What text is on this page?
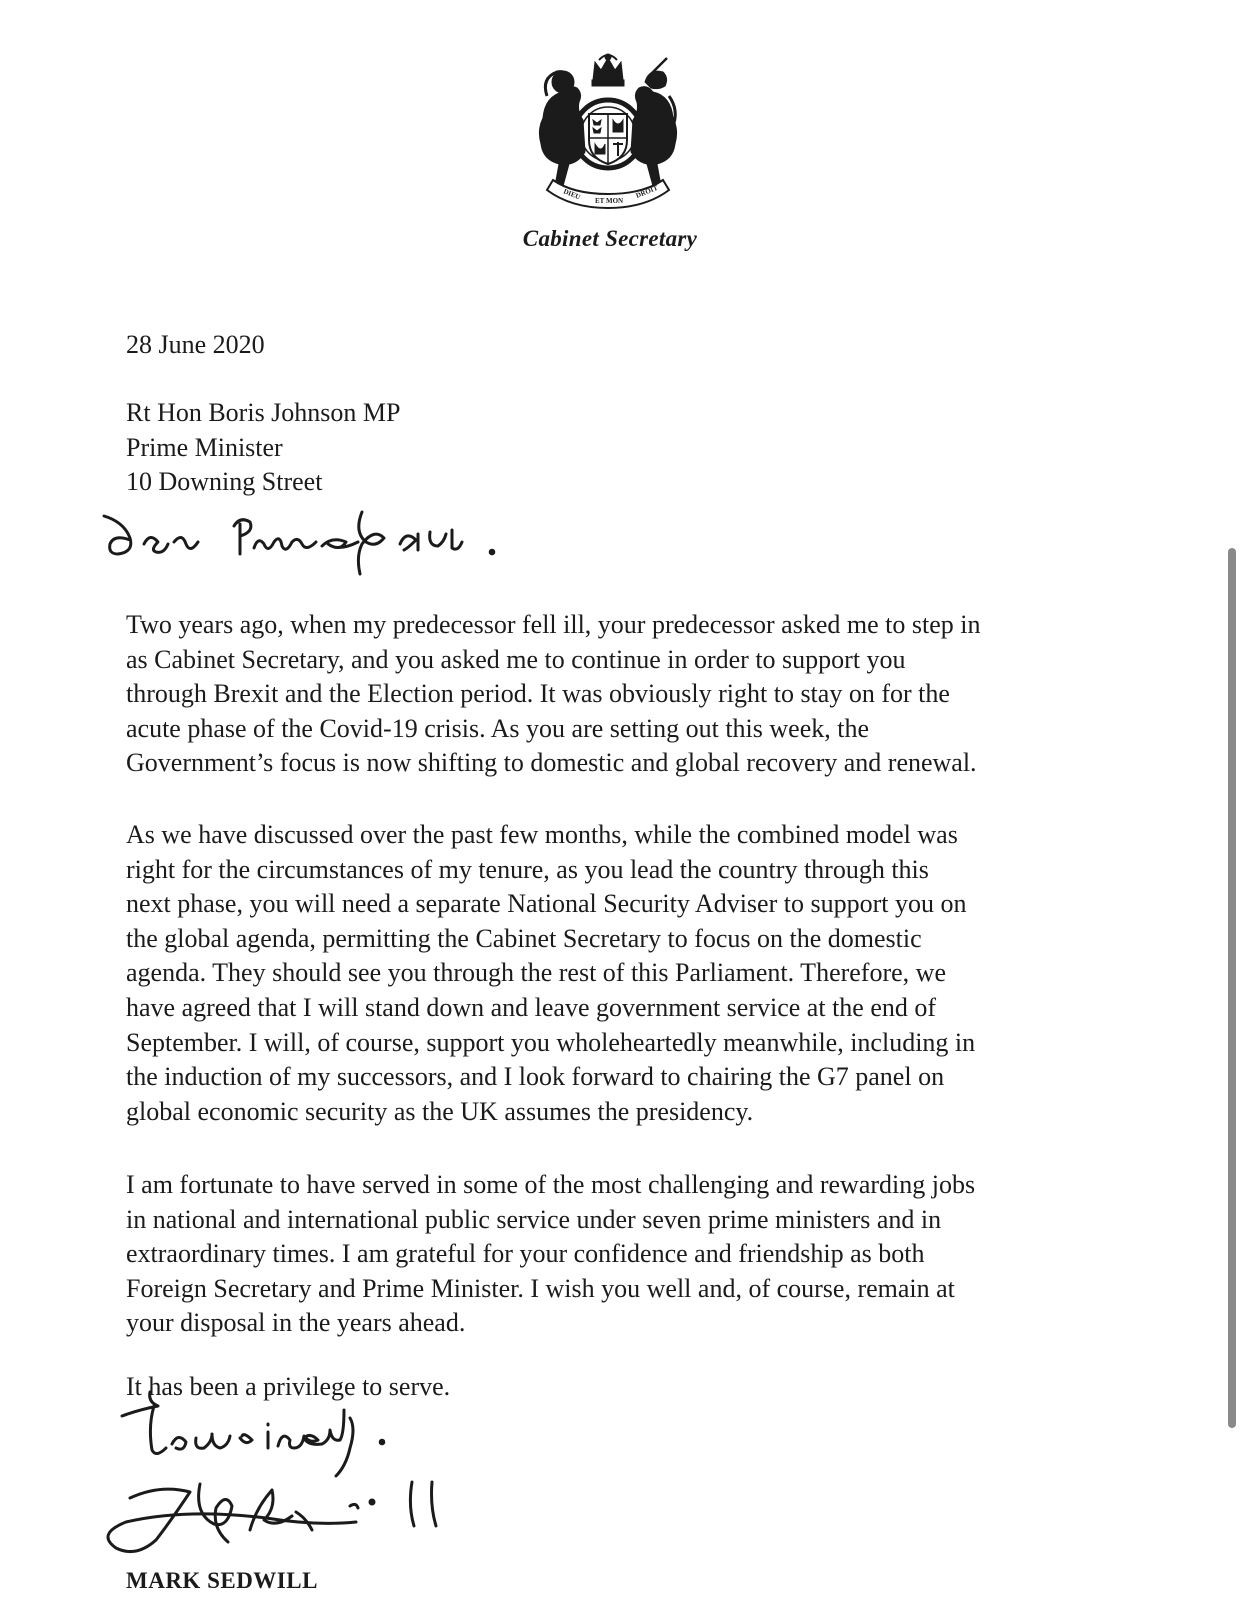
DIEU ET MON
DROIT
Cabinet Secretary
28 June 2020
Rt Hon Boris Johnson MP
Prime Minister
10 Downing Street
Two years ago, when my predecessor fell ill, your predecessor asked me to step in
as Cabinet Secretary, and you asked me to continue in order to support you
through Brexit and the Election period. It was obviously right to stay on for the
acute phase of the Covid-19 crisis. As you are setting out this week, the
Government’s focus is now shifting to domestic and global recovery and renewal.
As we have discussed over the past few months, while the combined model was
right for the circumstances of my tenure, as you lead the country through this
next phase, you will need a separate National Security Adviser to support you on
the global agenda, permitting the Cabinet Secretary to focus on the domestic
agenda. They should see you through the rest of this Parliament. Therefore, we
have agreed that I will stand down and leave government service at the end of
September. I will, of course, support you wholeheartedly meanwhile, including in
the induction of my successors, and I look forward to chairing the G7 panel on
global economic security as the UK assumes the presidency.
I am fortunate to have served in some of the most challenging and rewarding jobs
in national and international public service under seven prime ministers and in
extraordinary times. I am grateful for your confidence and friendship as both
Foreign Secretary and Prime Minister. I wish you well and, of course, remain at
your disposal in the years ahead.
It has been a privilege to serve.
MARK SEDWILL
